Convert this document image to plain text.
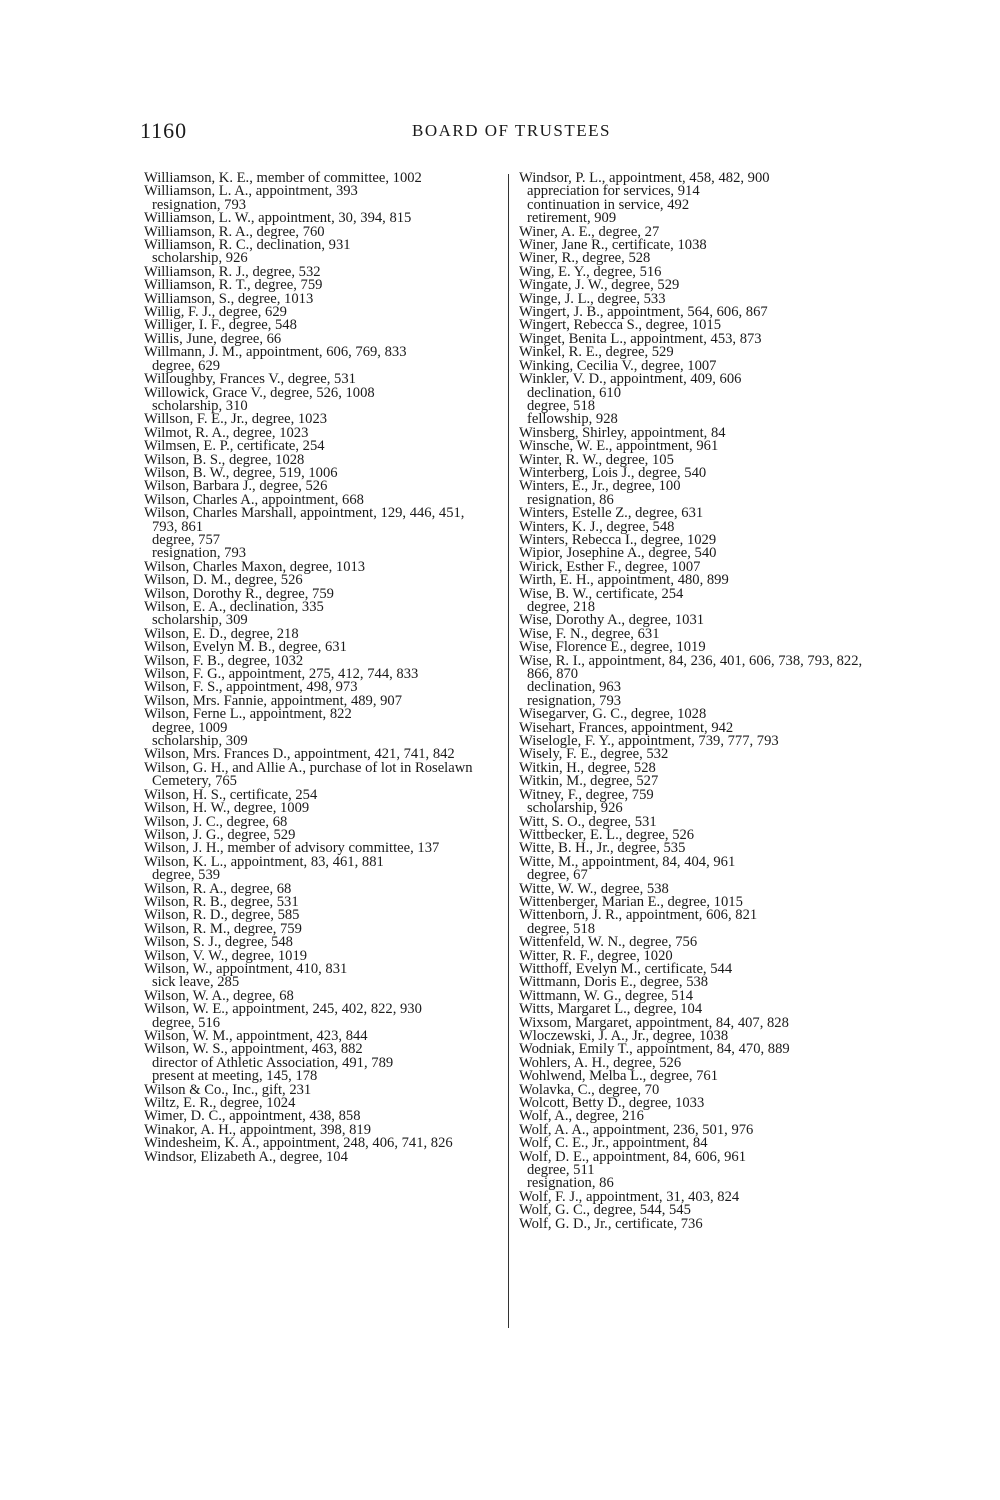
1160	BOARD OF TRUSTEES

Williamson, K. E., member of committee, 1002

Williamson, L. A., appointment, 393

resignation, 793

Williamson, L. W., appointment, 30, 394, 815

Williamson, R. A., degree, 760

Williamson, R. C., declination, 931

scholarship, 926

Williamson, R. J., degree, 532

Williamson, R. T., degree, 759

Williamson, S., degree, 1013

Willig, F. J., degree, 629

Williger, I. F., degree, 548

Willis, June, degree, 66

Willmann, J. M., appointment, 606, 769, 833

degree, 629

Willoughby, Frances V., degree, 531

Willowick, Grace V., degree, 526, 1008

scholarship, 310

Willson, F. E., Jr., degree, 1023

Wilmot, R. A., degree, 1023

Wilmsen, E. P., certificate, 254

Wilson, B. S., degree, 1028

Wilson, B. W., degree, 519, 1006

Wilson, Barbara J., degree, 526

Wilson, Charles A., appointment, 668

Wilson, Charles Marshall, appointment, 129, 446, 451, 793, 861

degree, 757

resignation, 793

Wilson, Charles Maxon, degree, 1013

Wilson, D. M., degree, 526

Wilson, Dorothy R., degree, 759

Wilson, E. A., declination, 335

scholarship, 309

Wilson, E. D., degree, 218

Wilson, Evelyn M. B., degree, 631

Wilson, F. B., degree, 1032

Wilson, F. G., appointment, 275, 412, 744, 833

Wilson, F. S., appointment, 498, 973

Wilson, Mrs. Fannie, appointment, 489, 907

Wilson, Ferne L., appointment, 822

degree, 1009

scholarship, 309

Wilson, Mrs. Frances D., appointment, 421, 741, 842

Wilson, G. H., and Allie A., purchase of lot in Roselawn Cemetery, 765

Wilson, H. S., certificate, 254

Wilson, H. W., degree, 1009

Wilson, J. C., degree, 68

Wilson, J. G., degree, 529

Wilson, J. H., member of advisory committee, 137

Wilson, K. L., appointment, 83, 461, 881

degree, 539

Wilson, R. A., degree, 68

Wilson, R. B., degree, 531

Wilson, R. D., degree, 585

Wilson, R. M., degree, 759

Wilson, S. J., degree, 548

Wilson, V. W., degree, 1019

Wilson, W., appointment, 410, 831

sick leave, 285

Wilson, W. A., degree, 68

Wilson, W. E., appointment, 245, 402, 822, 930

degree, 516

Wilson, W. M., appointment, 423, 844

Wilson, W. S., appointment, 463, 882

director of Athletic Association, 491, 789

present at meeting, 145, 178

Wilson & Co., Inc., gift, 231

Wiltz, E. R., degree, 1024

Wimer, D. C., appointment, 438, 858

Winakor, A. H., appointment, 398, 819

Windesheim, K. A., appointment, 248, 406, 741, 826

Windsor, Elizabeth A., degree, 104

Windsor, P. L., appointment, 458, 482, 900

appreciation for services, 914

continuation in service, 492

retirement, 909

Winer, A. E., degree, 27

Winer, Jane R., certificate, 1038

Winer, R., degree, 528

Wing, E. Y., degree, 516

Wingate, J. W., degree, 529

Winge, J. L., degree, 533

Wingert, J. B., appointment, 564, 606, 867

Wingert, Rebecca S., degree, 1015

Winget, Benita L., appointment, 453, 873

Winkel, R. E., degree, 529

Winking, Cecilia V., degree, 1007

Winkler, V. D., appointment, 409, 606

declination, 610

degree, 518

fellowship, 928

Winsberg, Shirley, appointment, 84

Winsche, W. E., appointment, 961

Winter, R. W., degree, 105

Winterberg, Lois J., degree, 540

Winters, E., Jr., degree, 100

resignation, 86

Winters, Estelle Z., degree, 631

Winters, K. J., degree, 548

Winters, Rebecca I., degree, 1029

Wipior, Josephine A., degree, 540

Wirick, Esther F., degree, 1007

Wirth, E. H., appointment, 480, 899

Wise, B. W., certificate, 254

degree, 218

Wise, Dorothy A., degree, 1031

Wise, F. N., degree, 631

Wise, Florence E., degree, 1019

Wise, R. I., appointment, 84, 236, 401, 606, 738, 793, 822, 866, 870

declination, 963

resignation, 793

Wisegarver, G. C., degree, 1028

Wisehart, Frances, appointment, 942

Wiselogle, F. Y., appointment, 739, 777, 793

Wisely, F. E., degree, 532

Witkin, H., degree, 528

Witkin, M., degree, 527

Witney, F., degree, 759

scholarship, 926

Witt, S. O., degree, 531

Wittbecker, E. L., degree, 526

Witte, B. H., Jr., degree, 535

Witte, M., appointment, 84, 404, 961

degree, 67

Witte, W. W., degree, 538

Wittenberger, Marian E., degree, 1015

Wittenborn, J. R., appointment, 606, 821

degree, 518

Wittenfeld, W. N., degree, 756

Witter, R. F., degree, 1020

Witthoff, Evelyn M., certificate, 544

Wittmann, Doris E., degree, 538

Wittmann, W. G., degree, 514

Witts, Margaret L., degree, 104

Wixsom, Margaret, appointment, 84, 407, 828

Wloczewski, J. A., Jr., degree, 1038

Wodniak, Emily T., appointment, 84, 470, 889

Wohlers, A. H., degree, 526

Wohlwend, Melba L., degree, 761

Wolavka, C., degree, 70

Wolcott, Betty D., degree, 1033

Wolf, A., degree, 216

Wolf, A. A., appointment, 236, 501, 976

Wolf, C. E., Jr., appointment, 84

Wolf, D. E., appointment, 84, 606, 961

degree, 511

resignation, 86

Wolf, F. J., appointment, 31, 403, 824

Wolf, G. C., degree, 544, 545

Wolf, G. D., Jr., certificate, 736
